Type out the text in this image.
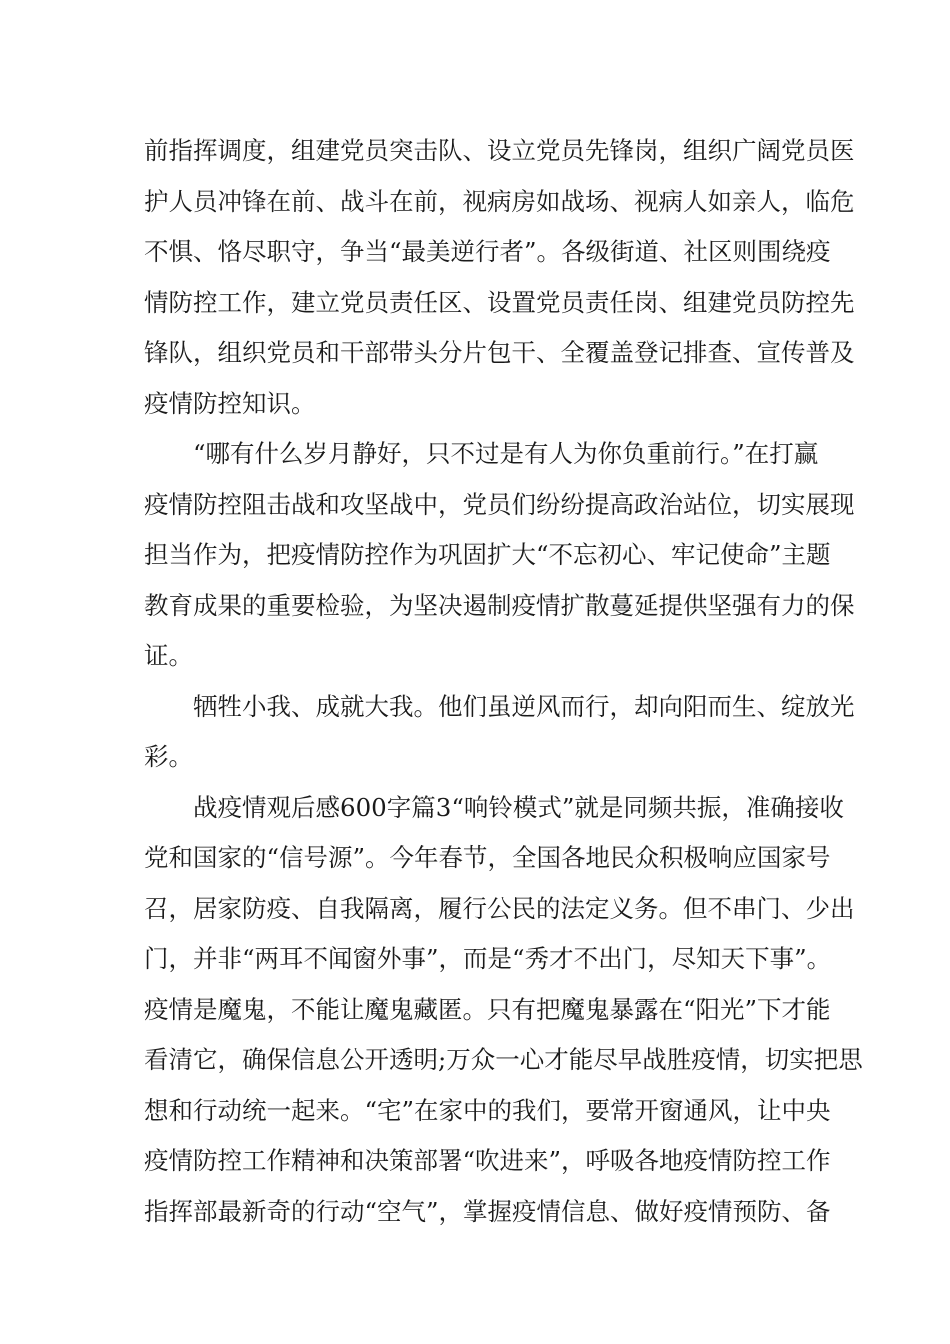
前指挥调度，组建党员突击队、设立党员先锋岗，组织广阔党员医
护人员冲锋在前、战斗在前，视病房如战场、视病人如亲人，临危
不惧、恪尽职守，争当“最美逆行者”。各级街道、社区则围绕疫
情防控工作，建立党员责任区、设置党员责任岗、组建党员防控先
锋队，组织党员和干部带头分片包干、全覆盖登记排查、宣传普及
疫情防控知识。
“哪有什么岁月静好，只不过是有人为你负重前行。”在打赢
疫情防控阻击战和攻坚战中，党员们纷纷提高政治站位，切实展现
担当作为，把疫情防控作为巩固扩大“不忘初心、牢记使命”主题
教育成果的重要检验，为坚决遏制疫情扩散蔓延提供坚强有力的保
证。
牺牲小我、成就大我。他们虽逆风而行，却向阳而生、绽放光
彩。
战疫情观后感600字篇3“响铃模式”就是同频共振，准确接收
党和国家的“信号源”。今年春节，全国各地民众积极响应国家号
召，居家防疫、自我隔离，履行公民的法定义务。但不串门、少出
门，并非“两耳不闻窗外事”，而是“秀才不出门，尽知天下事”。
疫情是魔鬼，不能让魔鬼藏匿。只有把魔鬼暴露在“阳光”下才能
看清它，确保信息公开透明;万众一心才能尽早战胜疫情，切实把思
想和行动统一起来。“宅”在家中的我们，要常开窗通风，让中央
疫情防控工作精神和决策部署“吹进来”，呼吸各地疫情防控工作
指挥部最新奇的行动“空气”，掌握疫情信息、做好疫情预防、备
